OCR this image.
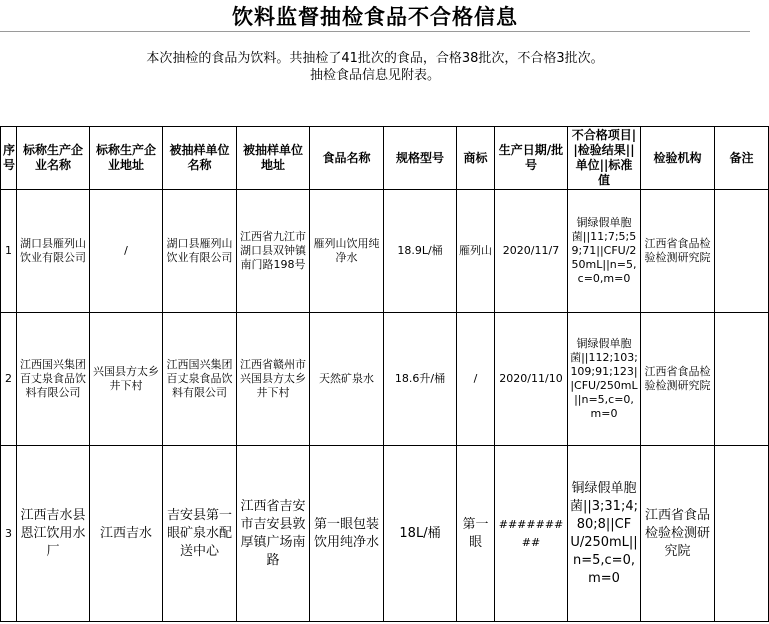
饮料监督抽检食品不合格信息
本次抽检的食品为饮料。共抽检了41批次的食品，合格38批次，不合格3批次。
抽检食品信息见附表。
序号	标称生产企业名称	标称生产企业地址	被抽样单位名称	被抽样单位地址	食品名称	规格型号	商标	生产日期/批号	不合格项目||检验结果||单位||标准值	检验机构	备注
1	湖口县雁列山饮业有限公司	/	湖口县雁列山饮业有限公司	江西省九江市湖口县双钟镇南门路198号	雁列山饮用纯净水	18.9L/桶	雁列山	2020/11/7	铜绿假单胞菌||11;7;5;59;71||CFU/250mL||n=5,c=0,m=0	江西省食品检验检测研究院	
2	江西国兴集团百丈泉食品饮料有限公司	兴国县方太乡井下村	江西国兴集团百丈泉食品饮料有限公司	江西省赣州市兴国县方太乡井下村	天然矿泉水	18.6升/桶	/	2020/11/10	铜绿假单胞菌||112;103;109;91;123||CFU/250mL||n=5,c=0,m=0	江西省食品检验检测研究院	
3	江西吉水县恩江饮用水厂	江西吉水	吉安县第一眼矿泉水配送中心	江西省吉安市吉安县敦厚镇广场南路	第一眼包装饮用纯净水	18L/桶	第一眼	#########	铜绿假单胞菌||3;31;4;80;8||CFU/250mL||n=5,c=0,m=0	江西省食品检验检测研究院	
